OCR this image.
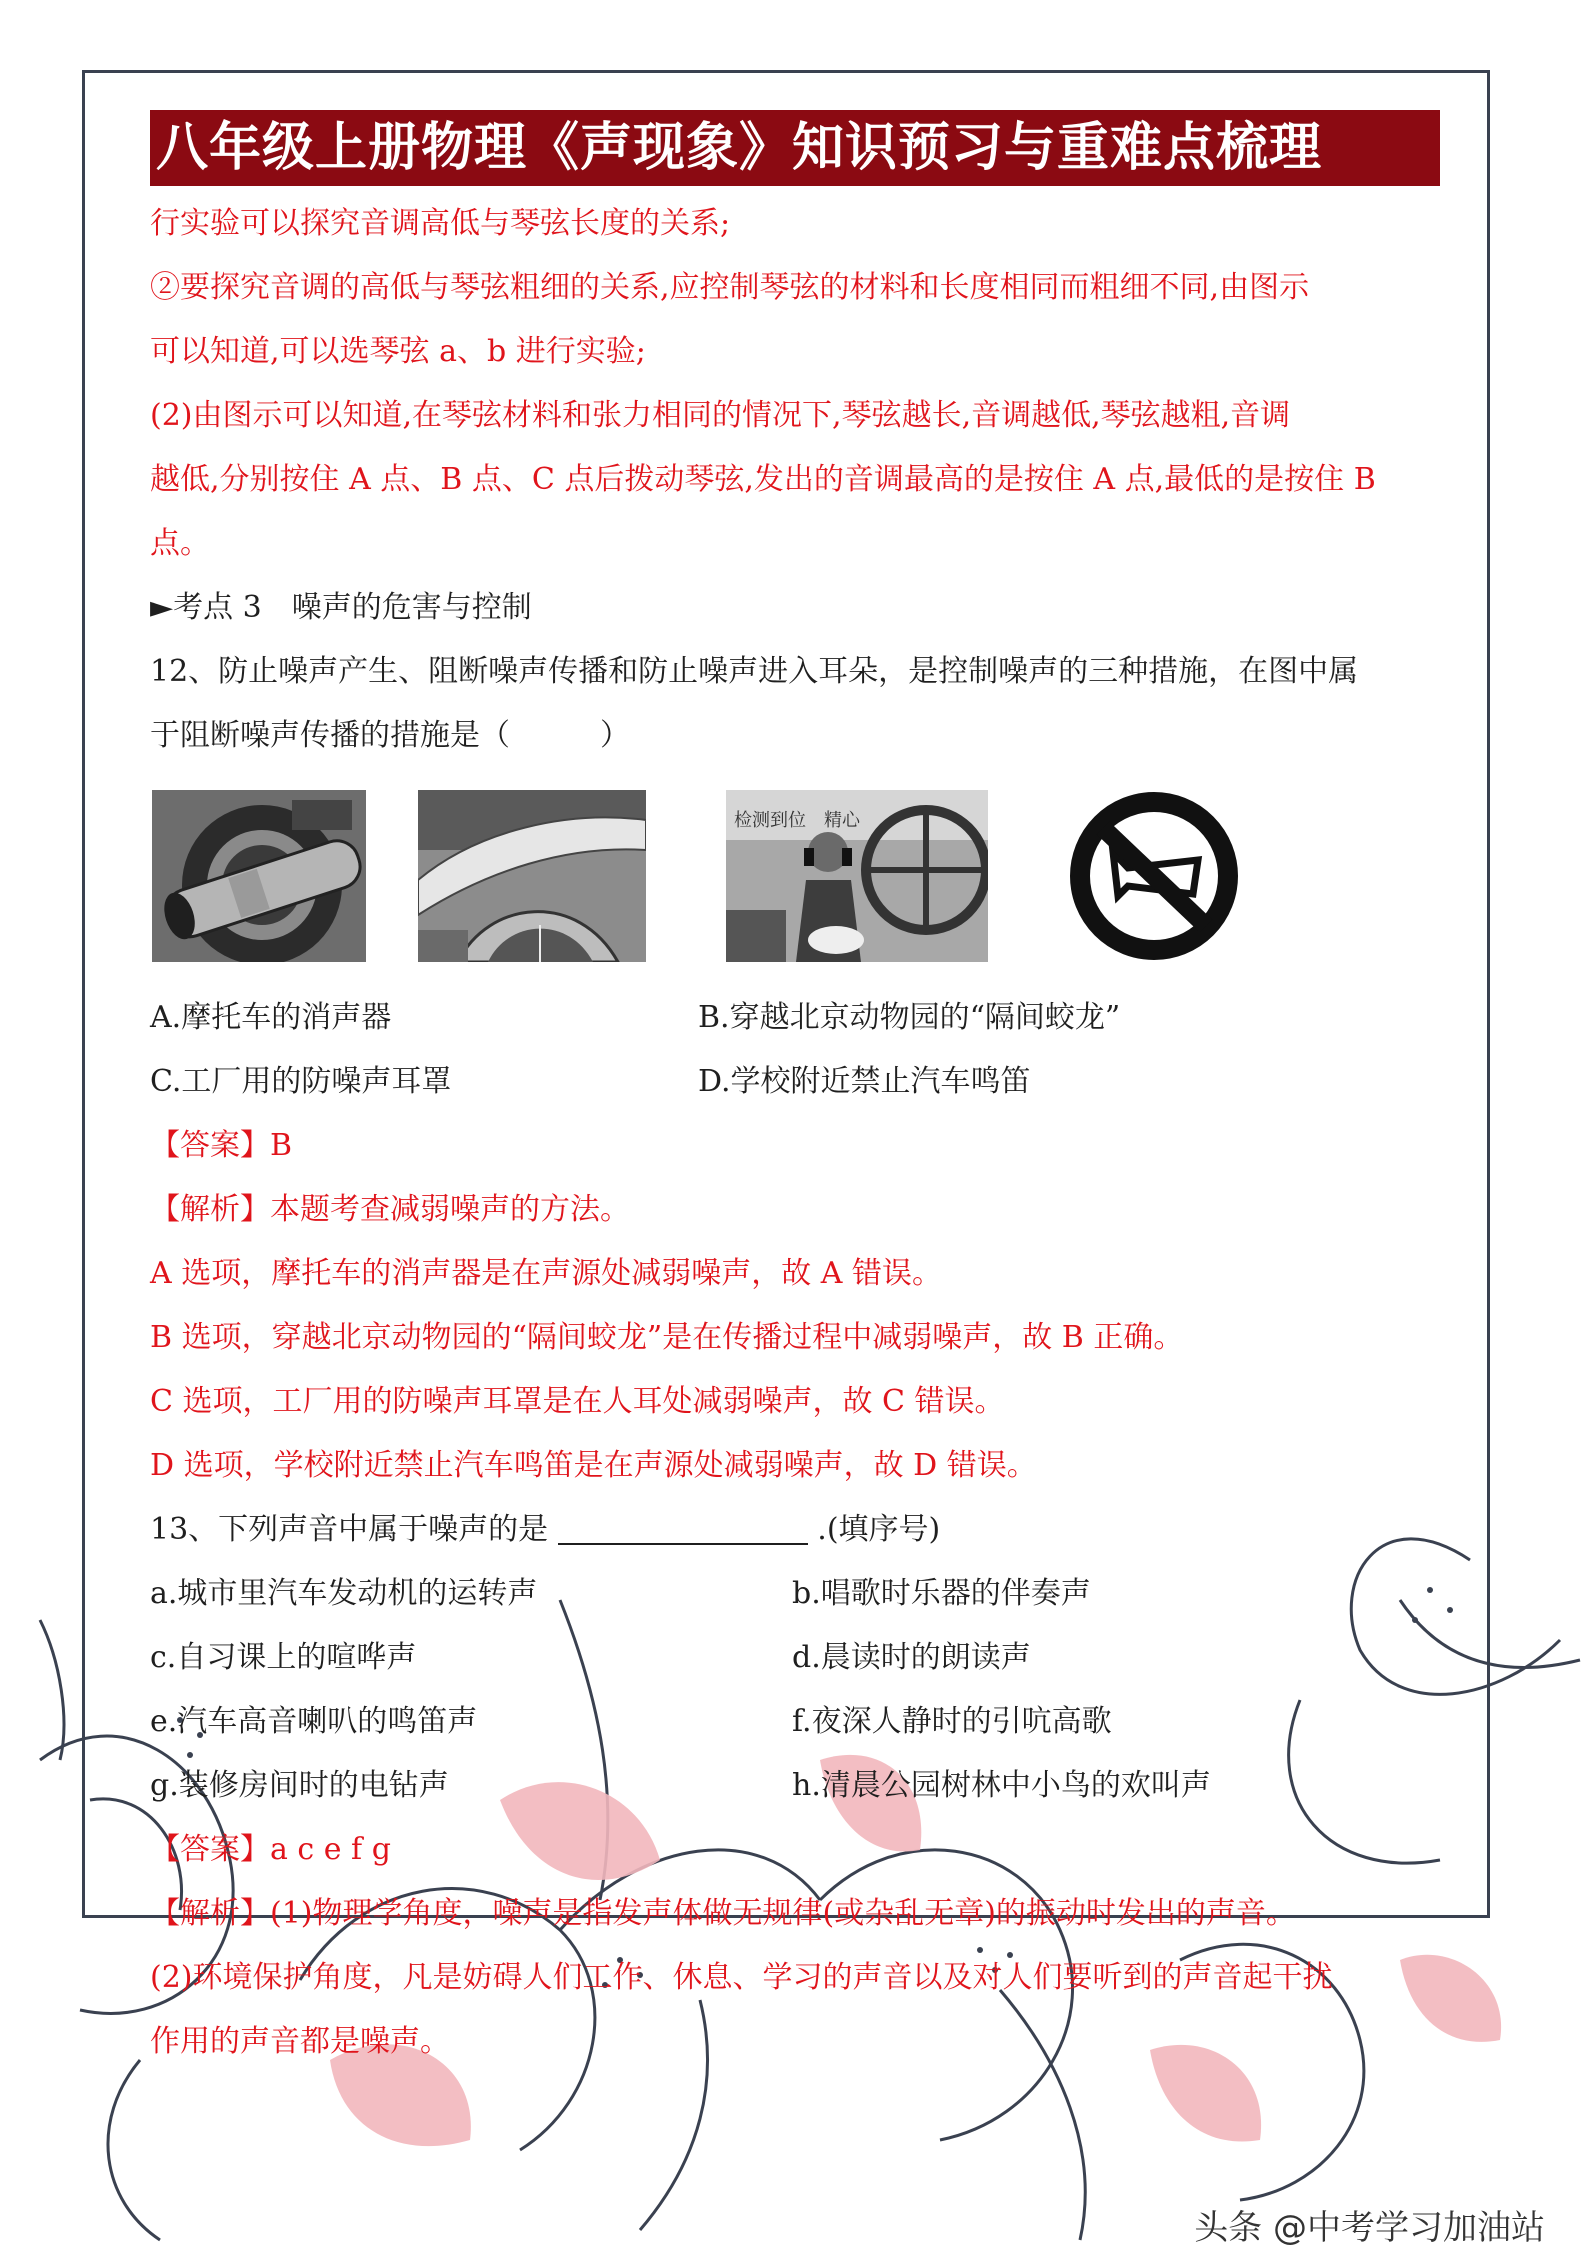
八年级上册物理《声现象》知识预习与重难点梳理
行实验可以探究音调高低与琴弦长度的关系;
②要探究音调的高低与琴弦粗细的关系,应控制琴弦的材料和长度相同而粗细不同,由图示
可以知道,可以选琴弦 a、b 进行实验;
(2)由图示可以知道,在琴弦材料和张力相同的情况下,琴弦越长,音调越低,琴弦越粗,音调
越低,分别按住 A 点、B 点、C 点后拨动琴弦,发出的音调最高的是按住 A 点,最低的是按住 B
点。
►考点 3　噪声的危害与控制
12、防止噪声产生、阻断噪声传播和防止噪声进入耳朵，是控制噪声的三种措施，在图中属
于阻断噪声传播的措施是（　　　）
检测到位　精心
A.摩托车的消声器	B.穿越北京动物园的“隔间蛟龙”
C.工厂用的防噪声耳罩	D.学校附近禁止汽车鸣笛
【答案】B
【解析】本题考查减弱噪声的方法。
A 选项，摩托车的消声器是在声源处减弱噪声，故 A 错误。
B 选项，穿越北京动物园的“隔间蛟龙”是在传播过程中减弱噪声，故 B 正确。
C 选项，工厂用的防噪声耳罩是在人耳处减弱噪声，故 C 错误。
D 选项，学校附近禁止汽车鸣笛是在声源处减弱噪声，故 D 错误。
13、下列声音中属于噪声的是	.(填序号)
a.城市里汽车发动机的运转声	b.唱歌时乐器的伴奏声
c.自习课上的喧哗声	d.晨读时的朗读声
e.汽车高音喇叭的鸣笛声	f.夜深人静时的引吭高歌
g.装修房间时的电钻声	h.清晨公园树林中小鸟的欢叫声
【答案】a c e f g
【解析】(1)物理学角度，噪声是指发声体做无规律(或杂乱无章)的振动时发出的声音。
(2)环境保护角度，凡是妨碍人们工作、休息、学习的声音以及对人们要听到的声音起干扰
作用的声音都是噪声。
头条 @中考学习加油站
